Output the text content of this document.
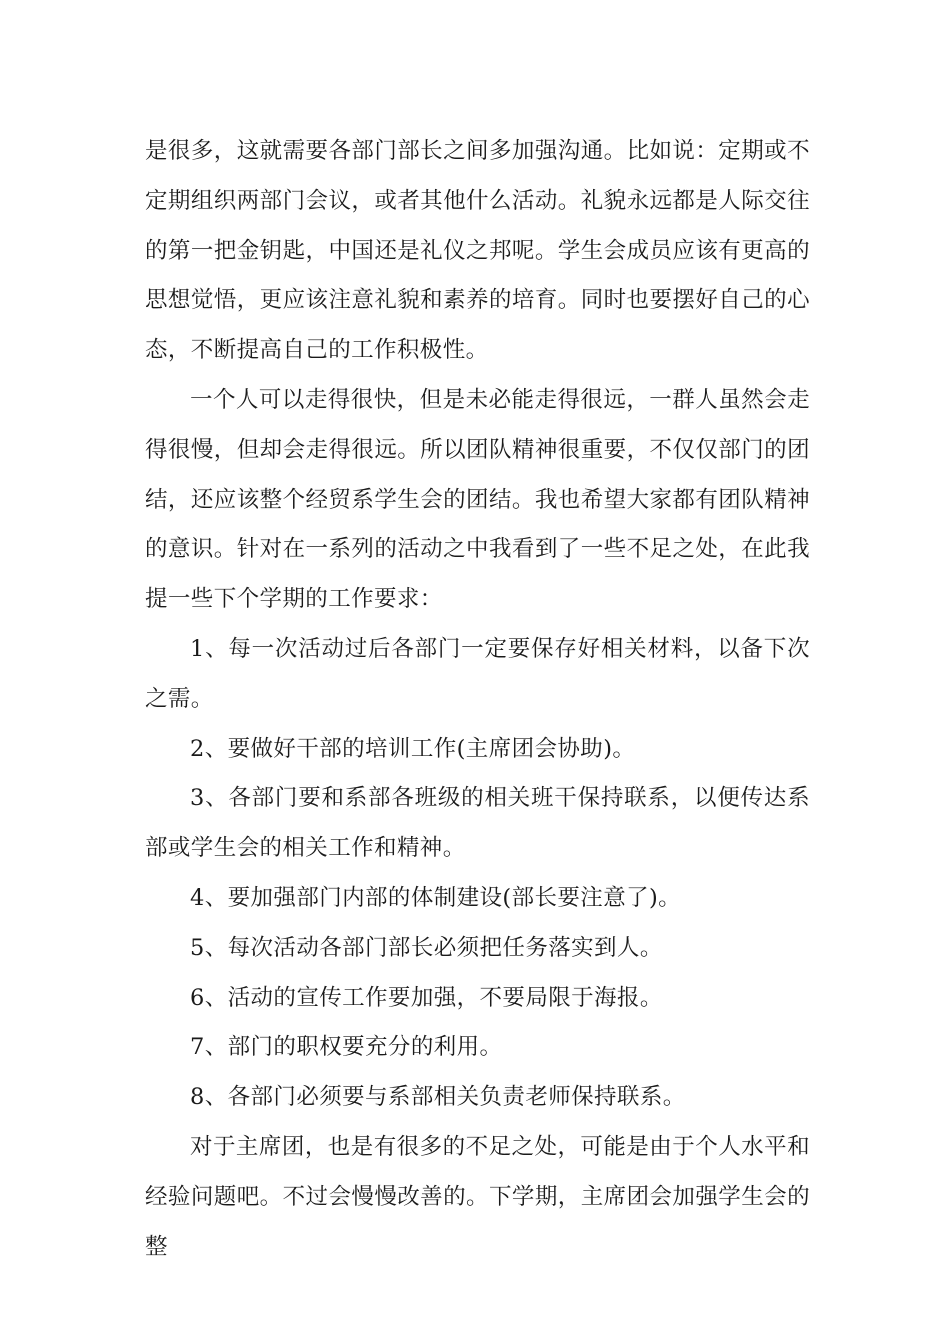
是很多，这就需要各部门部长之间多加强沟通。比如说：定期或不定期组织两部门会议，或者其他什么活动。礼貌永远都是人际交往的第一把金钥匙，中国还是礼仪之邦呢。学生会成员应该有更高的思想觉悟，更应该注意礼貌和素养的培育。同时也要摆好自己的心态，不断提高自己的工作积极性。

一个人可以走得很快，但是未必能走得很远，一群人虽然会走得很慢，但却会走得很远。所以团队精神很重要，不仅仅部门的团结，还应该整个经贸系学生会的团结。我也希望大家都有团队精神的意识。针对在一系列的活动之中我看到了一些不足之处，在此我提一些下个学期的工作要求：

1、每一次活动过后各部门一定要保存好相关材料，以备下次之需。

2、要做好干部的培训工作(主席团会协助)。

3、各部门要和系部各班级的相关班干保持联系，以便传达系部或学生会的相关工作和精神。

4、要加强部门内部的体制建设(部长要注意了)。

5、每次活动各部门部长必须把任务落实到人。

6、活动的宣传工作要加强，不要局限于海报。

7、部门的职权要充分的利用。

8、各部门必须要与系部相关负责老师保持联系。

对于主席团，也是有很多的不足之处，可能是由于个人水平和经验问题吧。不过会慢慢改善的。下学期，主席团会加强学生会的整
